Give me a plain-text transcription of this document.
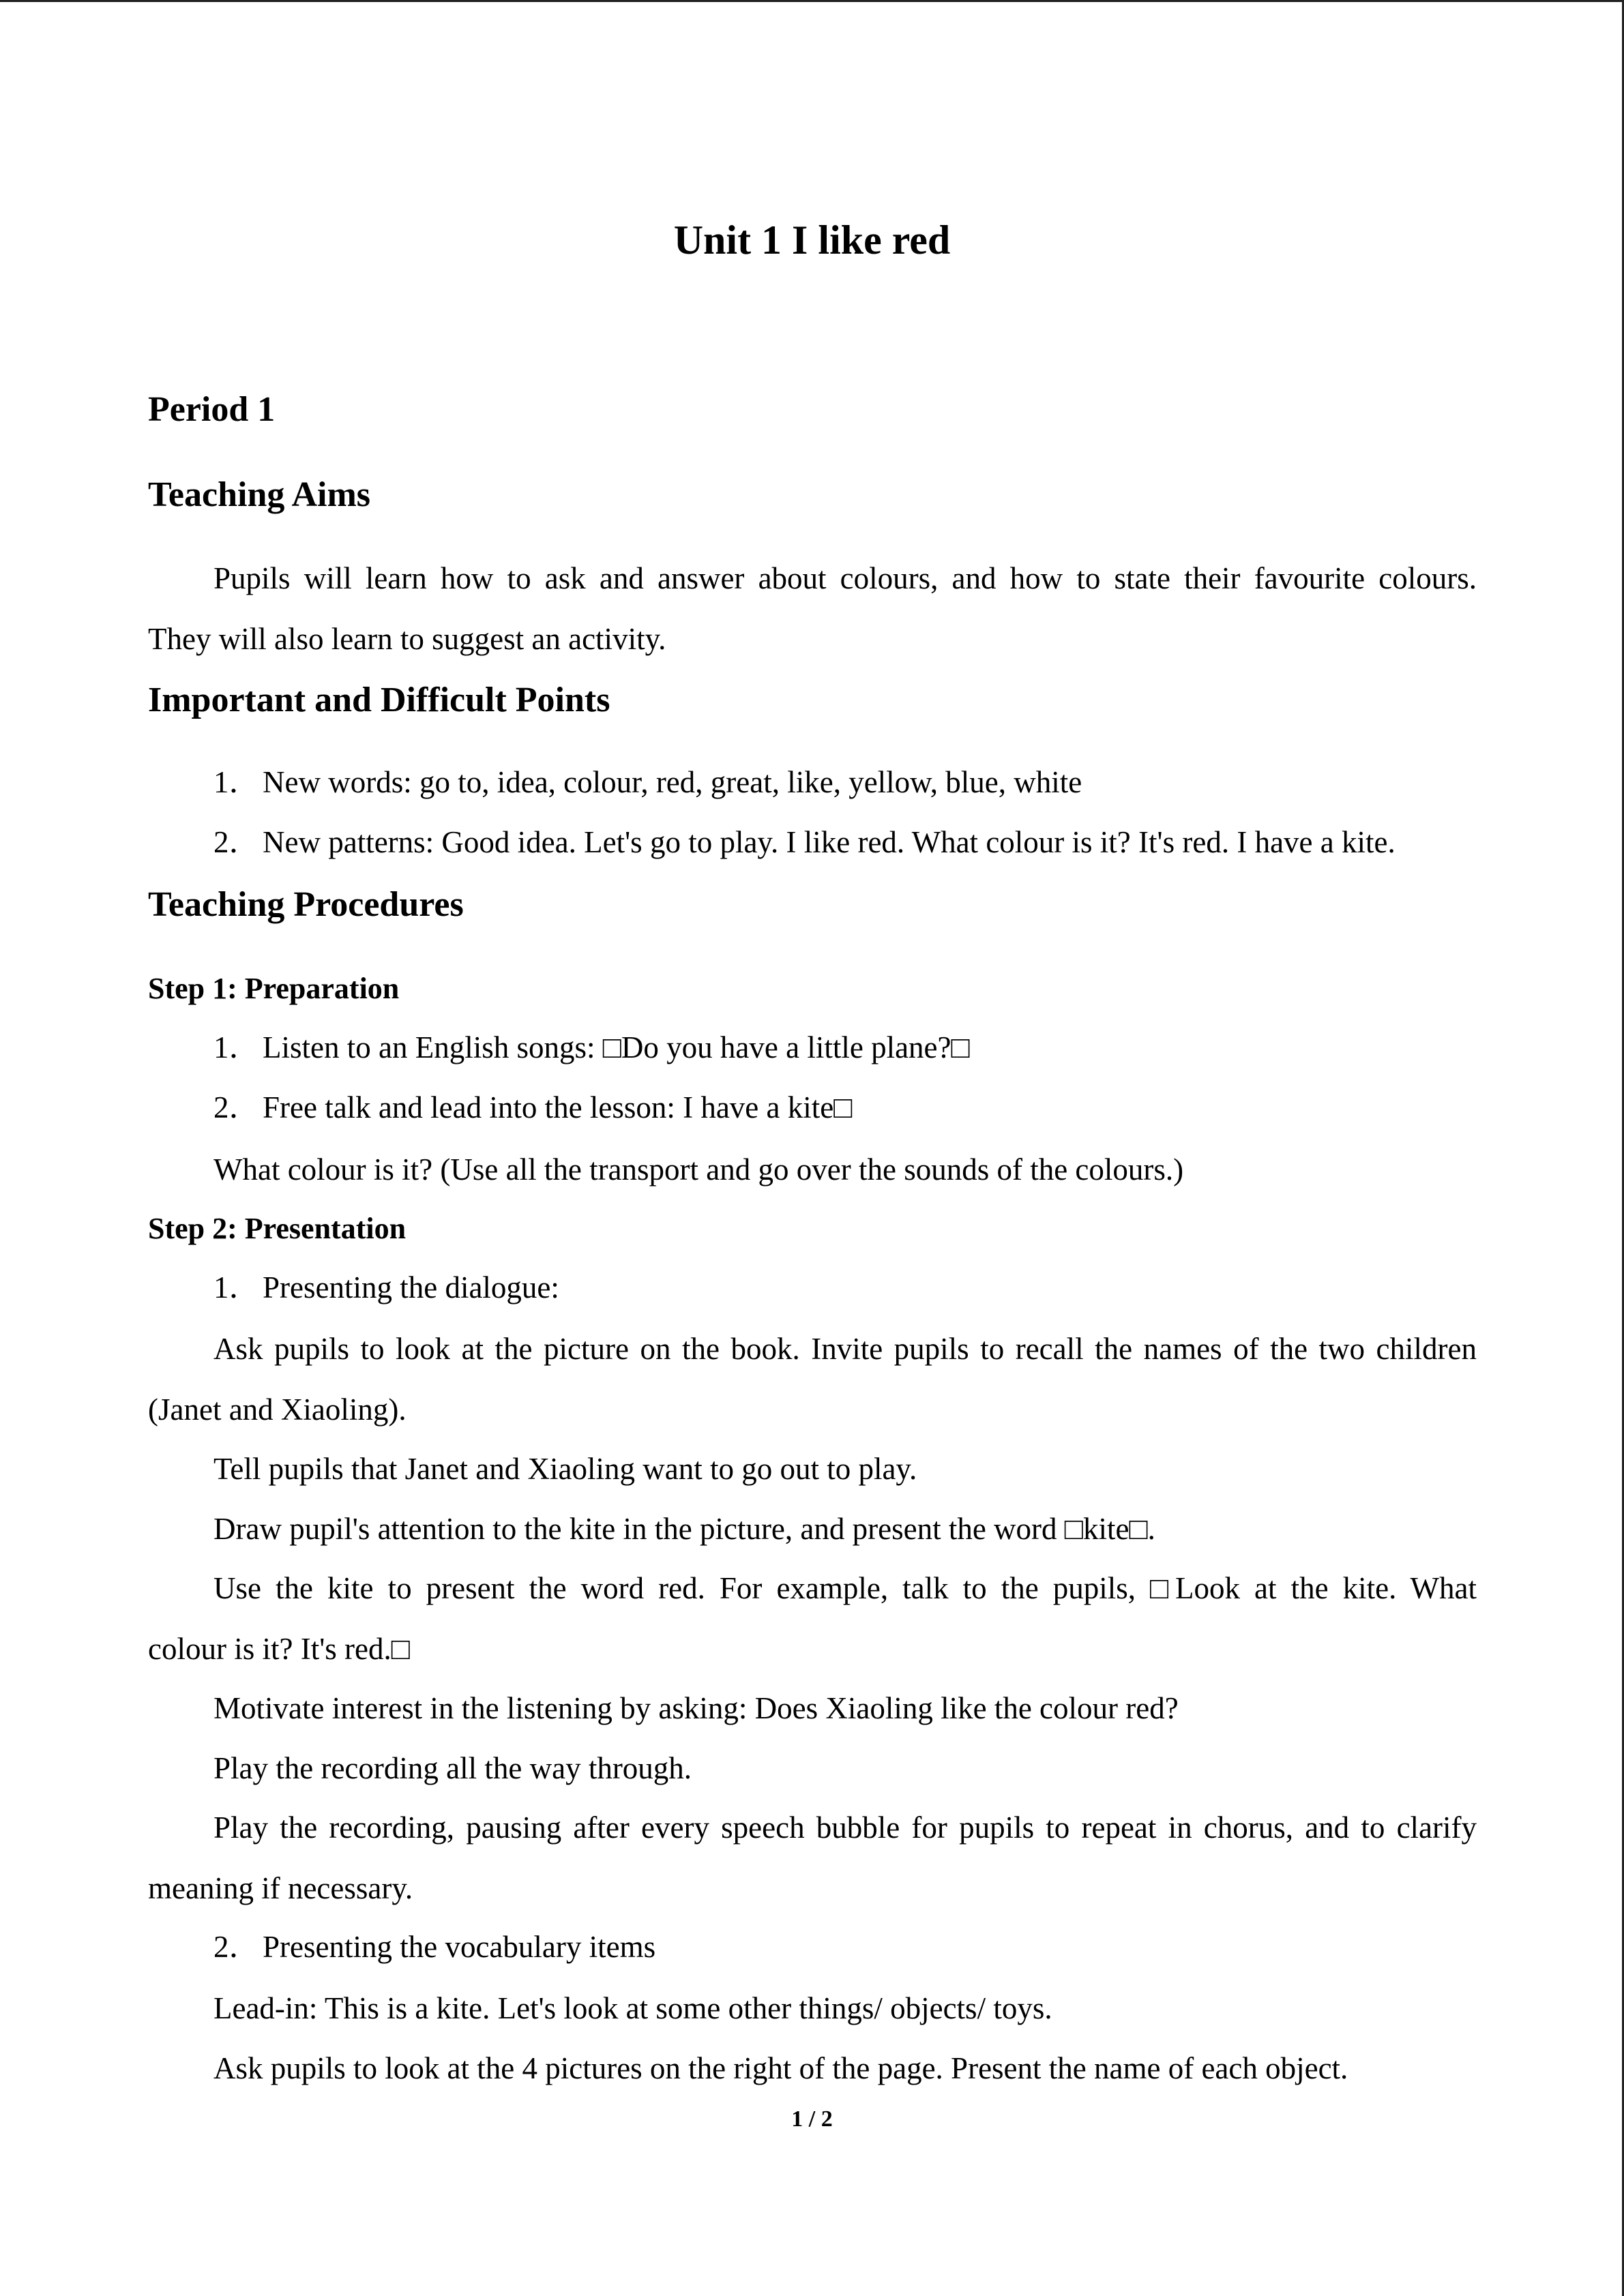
Unit 1 I like red
Period 1
Teaching Aims
Pupils will learn how to ask and answer about colours, and how to state their favourite colours.
They will also learn to suggest an activity.
Important and Difficult Points
1．New words: go to, idea, colour, red, great, like, yellow, blue, white
2．New patterns: Good idea. Let's go to play. I like red. What colour is it? It's red. I have a kite.
Teaching Procedures
Step 1: Preparation
1．Listen to an English songs: □Do you have a little plane?□
2．Free talk and lead into the lesson: I have a kite□
What colour is it? (Use all the transport and go over the sounds of the colours.)
Step 2: Presentation
1．Presenting the dialogue:
Ask pupils to look at the picture on the book. Invite pupils to recall the names of the two children
(Janet and Xiaoling).
Tell pupils that Janet and Xiaoling want to go out to play.
Draw pupil's attention to the kite in the picture, and present the word □kite□.
Use the kite to present the word red. For example, talk to the pupils, □Look at the kite. What
colour is it? It's red.□
Motivate interest in the listening by asking: Does Xiaoling like the colour red?
Play the recording all the way through.
Play the recording, pausing after every speech bubble for pupils to repeat in chorus, and to clarify
meaning if necessary.
2．Presenting the vocabulary items
Lead-in: This is a kite. Let's look at some other things/ objects/ toys.
Ask pupils to look at the 4 pictures on the right of the page. Present the name of each object.
1 / 2
